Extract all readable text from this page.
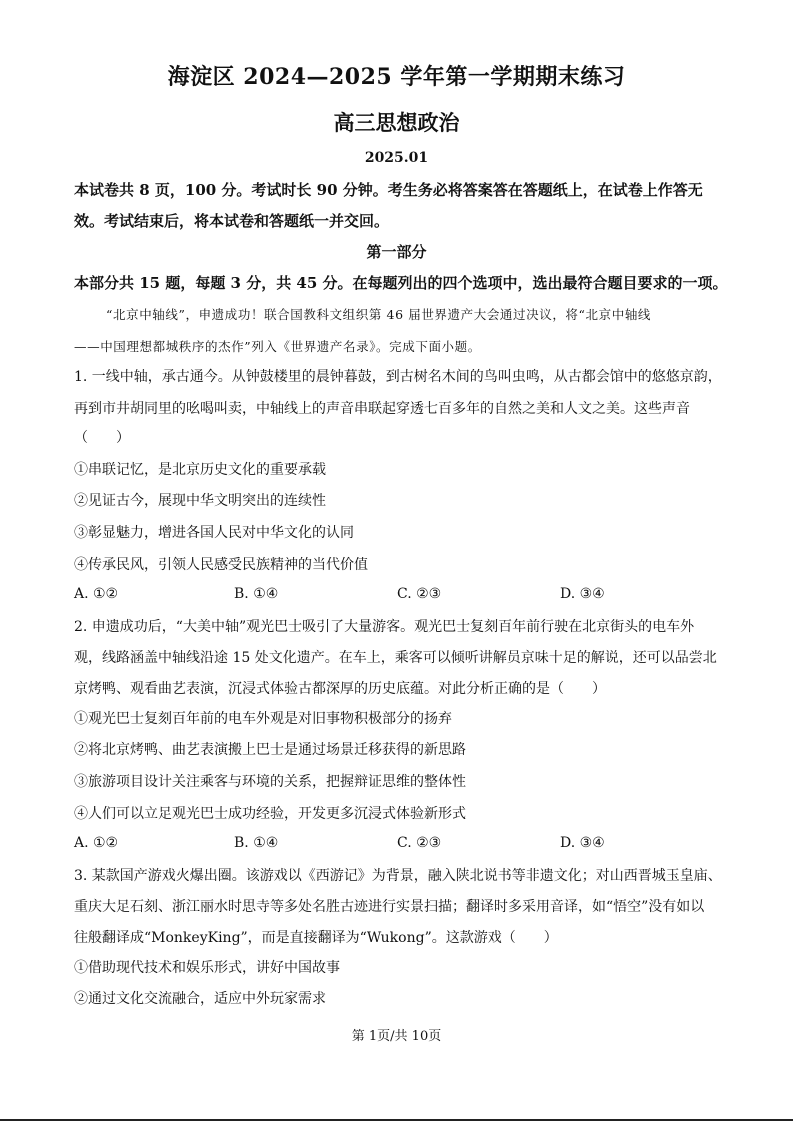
海淀区 2024—2025 学年第一学期期末练习
高三思想政治
2025.01
本试卷共 8 页，100 分。考试时长 90 分钟。考生务必将答案答在答题纸上，在试卷上作答无
效。考试结束后，将本试卷和答题纸一并交回。
第一部分
本部分共 15 题，每题 3 分，共 45 分。在每题列出的四个选项中，选出最符合题目要求的一项。
“北京中轴线”，申遗成功！联合国教科文组织第 46 届世界遗产大会通过决议，将“北京中轴线
——中国理想都城秩序的杰作”列入《世界遗产名录》。完成下面小题。
1. 一线中轴，承古通今。从钟鼓楼里的晨钟暮鼓，到古树名木间的鸟叫虫鸣，从古都会馆中的悠悠京韵，
再到市井胡同里的吆喝叫卖，中轴线上的声音串联起穿透七百多年的自然之美和人文之美。这些声音
（　　）
①串联记忆，是北京历史文化的重要承载
②见证古今，展现中华文明突出的连续性
③彰显魅力，增进各国人民对中华文化的认同
④传承民风，引领人民感受民族精神的当代价值
A. ①②	B. ①④	C. ②③	D. ③④
2. 申遗成功后，“大美中轴”观光巴士吸引了大量游客。观光巴士复刻百年前行驶在北京街头的电车外
观，线路涵盖中轴线沿途 15 处文化遗产。在车上，乘客可以倾听讲解员京味十足的解说，还可以品尝北
京烤鸭、观看曲艺表演，沉浸式体验古都深厚的历史底蕴。对此分析正确的是（　　）
①观光巴士复刻百年前的电车外观是对旧事物积极部分的扬弃
②将北京烤鸭、曲艺表演搬上巴士是通过场景迁移获得的新思路
③旅游项目设计关注乘客与环境的关系，把握辩证思维的整体性
④人们可以立足观光巴士成功经验，开发更多沉浸式体验新形式
A. ①②	B. ①④	C. ②③	D. ③④
3. 某款国产游戏火爆出圈。该游戏以《西游记》为背景，融入陕北说书等非遗文化；对山西晋城玉皇庙、
重庆大足石刻、浙江丽水时思寺等多处名胜古迹进行实景扫描；翻译时多采用音译，如“悟空”没有如以
往般翻译成“MonkeyKing”，而是直接翻译为“Wukong”。这款游戏（　　）
①借助现代技术和娱乐形式，讲好中国故事
②通过文化交流融合，适应中外玩家需求
第 1页/共 10页
